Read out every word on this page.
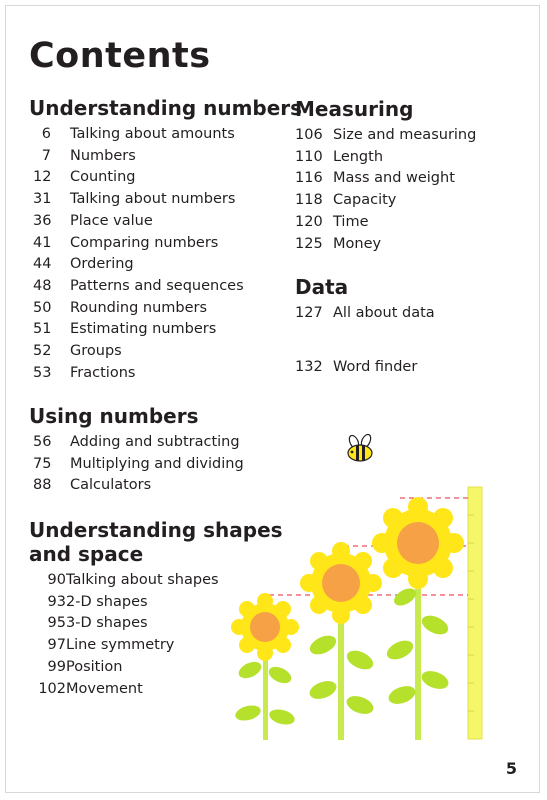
Contents
Understanding numbers
6 Talking about amounts
7 Numbers
12 Counting
31 Talking about numbers
36 Place value
41 Comparing numbers
44 Ordering
48 Patterns and sequences
50 Rounding numbers
51 Estimating numbers
52 Groups
53 Fractions
Using numbers
56 Adding and subtracting
75 Multiplying and dividing
88 Calculators
Understanding shapes
and space
90 Talking about shapes
93 2-D shapes
95 3-D shapes
97 Line symmetry
99 Position
102 Movement
Measuring
106 Size and measuring
110 Length
116 Mass and weight
118 Capacity
120 Time
125 Money
Data
127 All about data
132 Word finder
5
